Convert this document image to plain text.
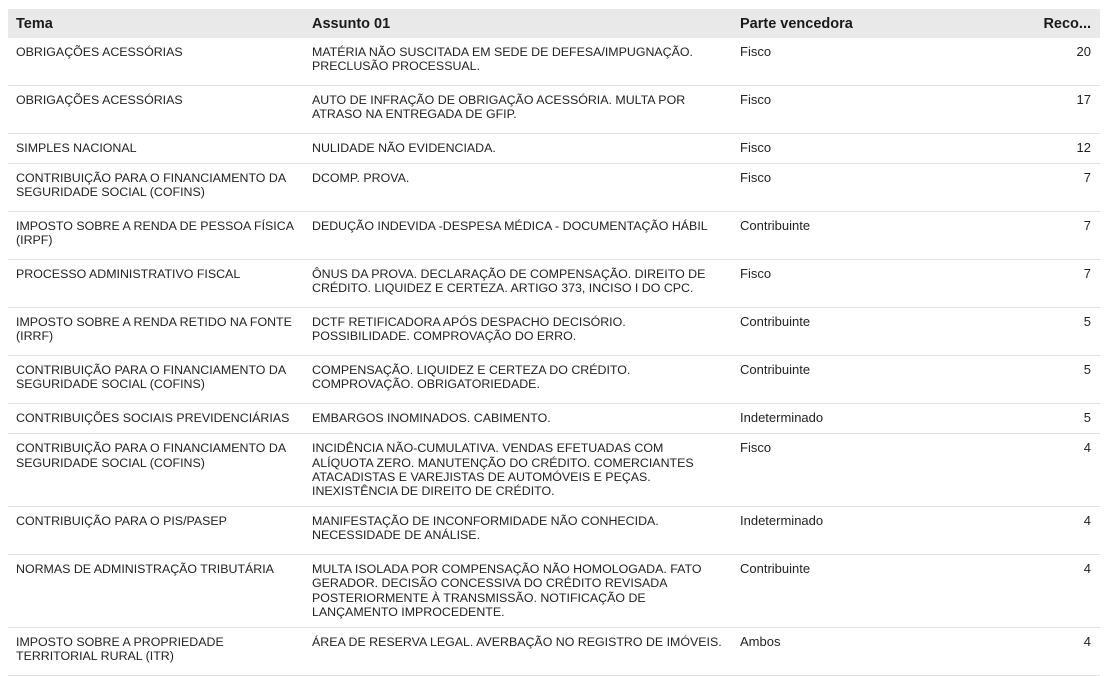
Tema	Assunto 01	Parte vencedora	Reco...
OBRIGAÇÕES ACESSÓRIAS	MATÉRIA NÃO SUSCITADA EM SEDE DE DEFESA/IMPUGNAÇÃO. PRECLUSÃO PROCESSUAL.	Fisco	20
OBRIGAÇÕES ACESSÓRIAS	AUTO DE INFRAÇÃO DE OBRIGAÇÃO ACESSÓRIA. MULTA POR ATRASO NA ENTREGADA DE GFIP.	Fisco	17
SIMPLES NACIONAL	NULIDADE NÃO EVIDENCIADA.	Fisco	12
CONTRIBUIÇÃO PARA O FINANCIAMENTO DA SEGURIDADE SOCIAL (COFINS)	DCOMP. PROVA.	Fisco	7
IMPOSTO SOBRE A RENDA DE PESSOA FÍSICA (IRPF)	DEDUÇÃO INDEVIDA -DESPESA MÉDICA - DOCUMENTAÇÃO HÁBIL	Contribuinte	7
PROCESSO ADMINISTRATIVO FISCAL	ÔNUS DA PROVA. DECLARAÇÃO DE COMPENSAÇÃO. DIREITO DE CRÉDITO. LIQUIDEZ E CERTEZA. ARTIGO 373, INCISO I DO CPC.	Fisco	7
IMPOSTO SOBRE A RENDA RETIDO NA FONTE (IRRF)	DCTF RETIFICADORA APÓS DESPACHO DECISÓRIO. POSSIBILIDADE. COMPROVAÇÃO DO ERRO.	Contribuinte	5
CONTRIBUIÇÃO PARA O FINANCIAMENTO DA SEGURIDADE SOCIAL (COFINS)	COMPENSAÇÃO. LIQUIDEZ E CERTEZA DO CRÉDITO. COMPROVAÇÃO. OBRIGATORIEDADE.	Contribuinte	5
CONTRIBUIÇÕES SOCIAIS PREVIDENCIÁRIAS	EMBARGOS INOMINADOS. CABIMENTO.	Indeterminado	5
CONTRIBUIÇÃO PARA O FINANCIAMENTO DA SEGURIDADE SOCIAL (COFINS)	INCIDÊNCIA NÃO-CUMULATIVA. VENDAS EFETUADAS COM ALÍQUOTA ZERO. MANUTENÇÃO DO CRÉDITO. COMERCIANTES ATACADISTAS E VAREJISTAS DE AUTOMÓVEIS E PEÇAS. INEXISTÊNCIA DE DIREITO DE CRÉDITO.	Fisco	4
CONTRIBUIÇÃO PARA O PIS/PASEP	MANIFESTAÇÃO DE INCONFORMIDADE NÃO CONHECIDA. NECESSIDADE DE ANÁLISE.	Indeterminado	4
NORMAS DE ADMINISTRAÇÃO TRIBUTÁRIA	MULTA ISOLADA POR COMPENSAÇÃO NÃO HOMOLOGADA. FATO GERADOR. DECISÃO CONCESSIVA DO CRÉDITO REVISADA POSTERIORMENTE À TRANSMISSÃO. NOTIFICAÇÃO DE LANÇAMENTO IMPROCEDENTE.	Contribuinte	4
IMPOSTO SOBRE A PROPRIEDADE TERRITORIAL RURAL (ITR)	ÁREA DE RESERVA LEGAL. AVERBAÇÃO NO REGISTRO DE IMÓVEIS.	Ambos	4
